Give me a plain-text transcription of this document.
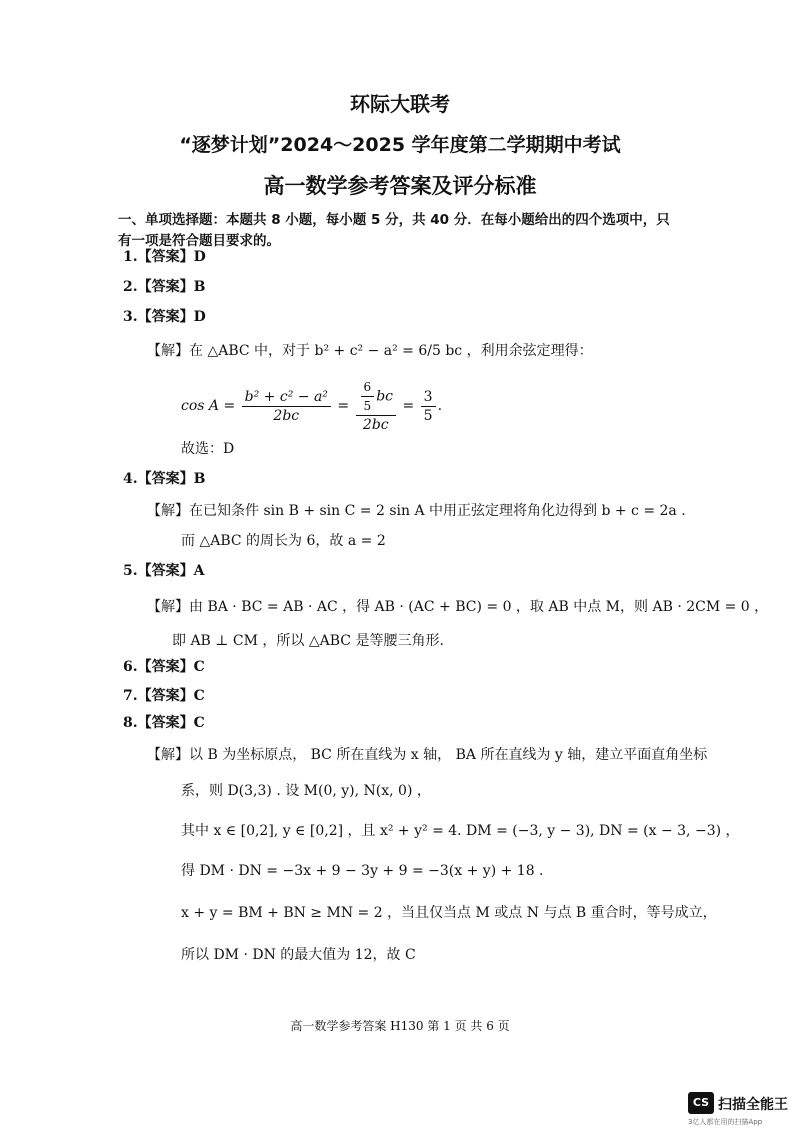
环际大联考
“逐梦计划”2024～2025 学年度第二学期期中考试
高一数学参考答案及评分标准
一、单项选择题：本题共 8 小题，每小题 5 分，共 40 分．在每小题给出的四个选项中，只有一项是符合题目要求的。
1.【答案】D
2.【答案】B
3.【答案】D
【解】在 △ABC 中，对于 b² + c² − a² = 6/5 bc ，利用余弦定理得：
$\cos A = \frac{\text{b² + c² − a²}}{2bc} = \frac{\frac{6}{5} bc}{2bc} = \frac{3}{5}$ .
故选：D
4.【答案】B
【解】在已知条件 sin B + sin C = 2 sin A 中用正弦定理将角化边得到 b + c = 2a .
而 △ABC 的周长为 6，故 a = 2
5.【答案】A
【解】由 BA · BC = AB · AC ，得 AB · (AC + BC) = 0 ，取 AB 中点 M，则 AB · 2CM = 0 ，
即 AB ⊥ CM ，所以 △ABC 是等腰三角形.
6.【答案】C
7.【答案】C
8.【答案】C
【解】以 B 为坐标原点， BC 所在直线为 x 轴， BA 所在直线为 y 轴，建立平面直角坐标
系，则 D(3,3) . 设 M(0, y), N(x, 0) ，
其中 x ∈ [0,2], y ∈ [0,2] ，且 x² + y² = 4. DM = (−3, y − 3), DN = (x − 3, −3) ，
得 DM · DN = −3x + 9 − 3y + 9 = −3(x + y) + 18 .
x + y = BM + BN ≥ MN = 2 ，当且仅当点 M 或点 N 与点 B 重合时，等号成立，
所以 DM · DN 的最大值为 12，故 C
高一数学参考答案 H130 第 1 页 共 6 页
CS 扫描全能王
3亿人都在用的扫描App
